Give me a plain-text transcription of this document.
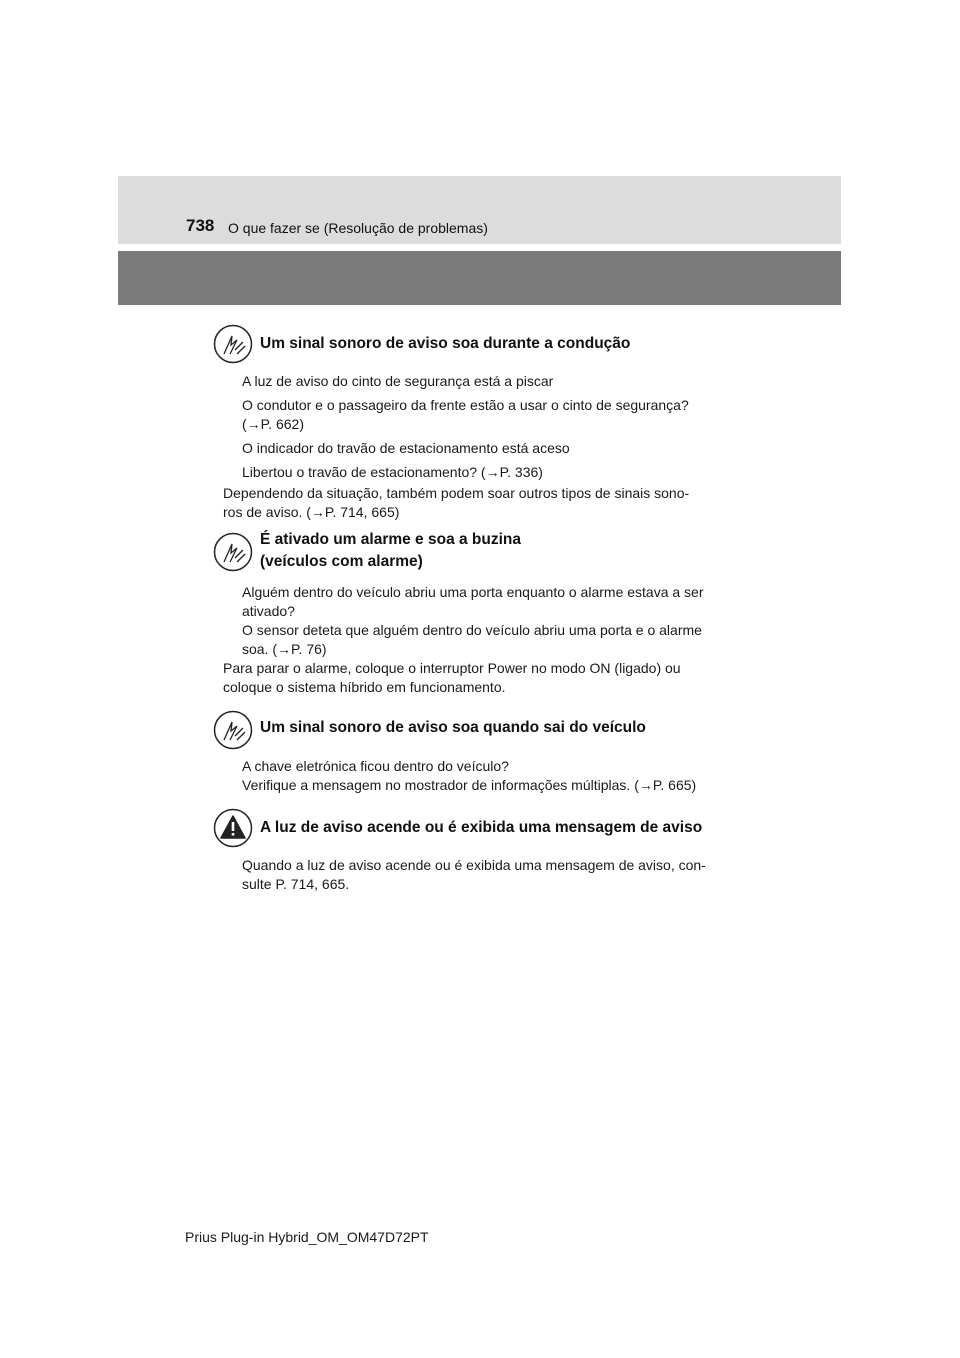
738 O que fazer se (Resolução de problemas)
Um sinal sonoro de aviso soa durante a condução

A luz de aviso do cinto de segurança está a piscar
O condutor e o passageiro da frente estão a usar o cinto de segurança?
(→P. 662)
O indicador do travão de estacionamento está aceso
Libertou o travão de estacionamento? (→P. 336)

Dependendo da situação, também podem soar outros tipos de sinais sono-
ros de aviso. (→P. 714, 665)

É ativado um alarme e soa a buzina
(veículos com alarme)

Alguém dentro do veículo abriu uma porta enquanto o alarme estava a ser
ativado?
O sensor deteta que alguém dentro do veículo abriu uma porta e o alarme
soa. (→P. 76)

Para parar o alarme, coloque o interruptor Power no modo ON (ligado) ou
coloque o sistema híbrido em funcionamento.

Um sinal sonoro de aviso soa quando sai do veículo

A chave eletrónica ficou dentro do veículo?
Verifique a mensagem no mostrador de informações múltiplas. (→P. 665)

A luz de aviso acende ou é exibida uma mensagem de aviso

Quando a luz de aviso acende ou é exibida uma mensagem de aviso, con-
sulte P. 714, 665.

Prius Plug-in Hybrid_OM_OM47D72PT
